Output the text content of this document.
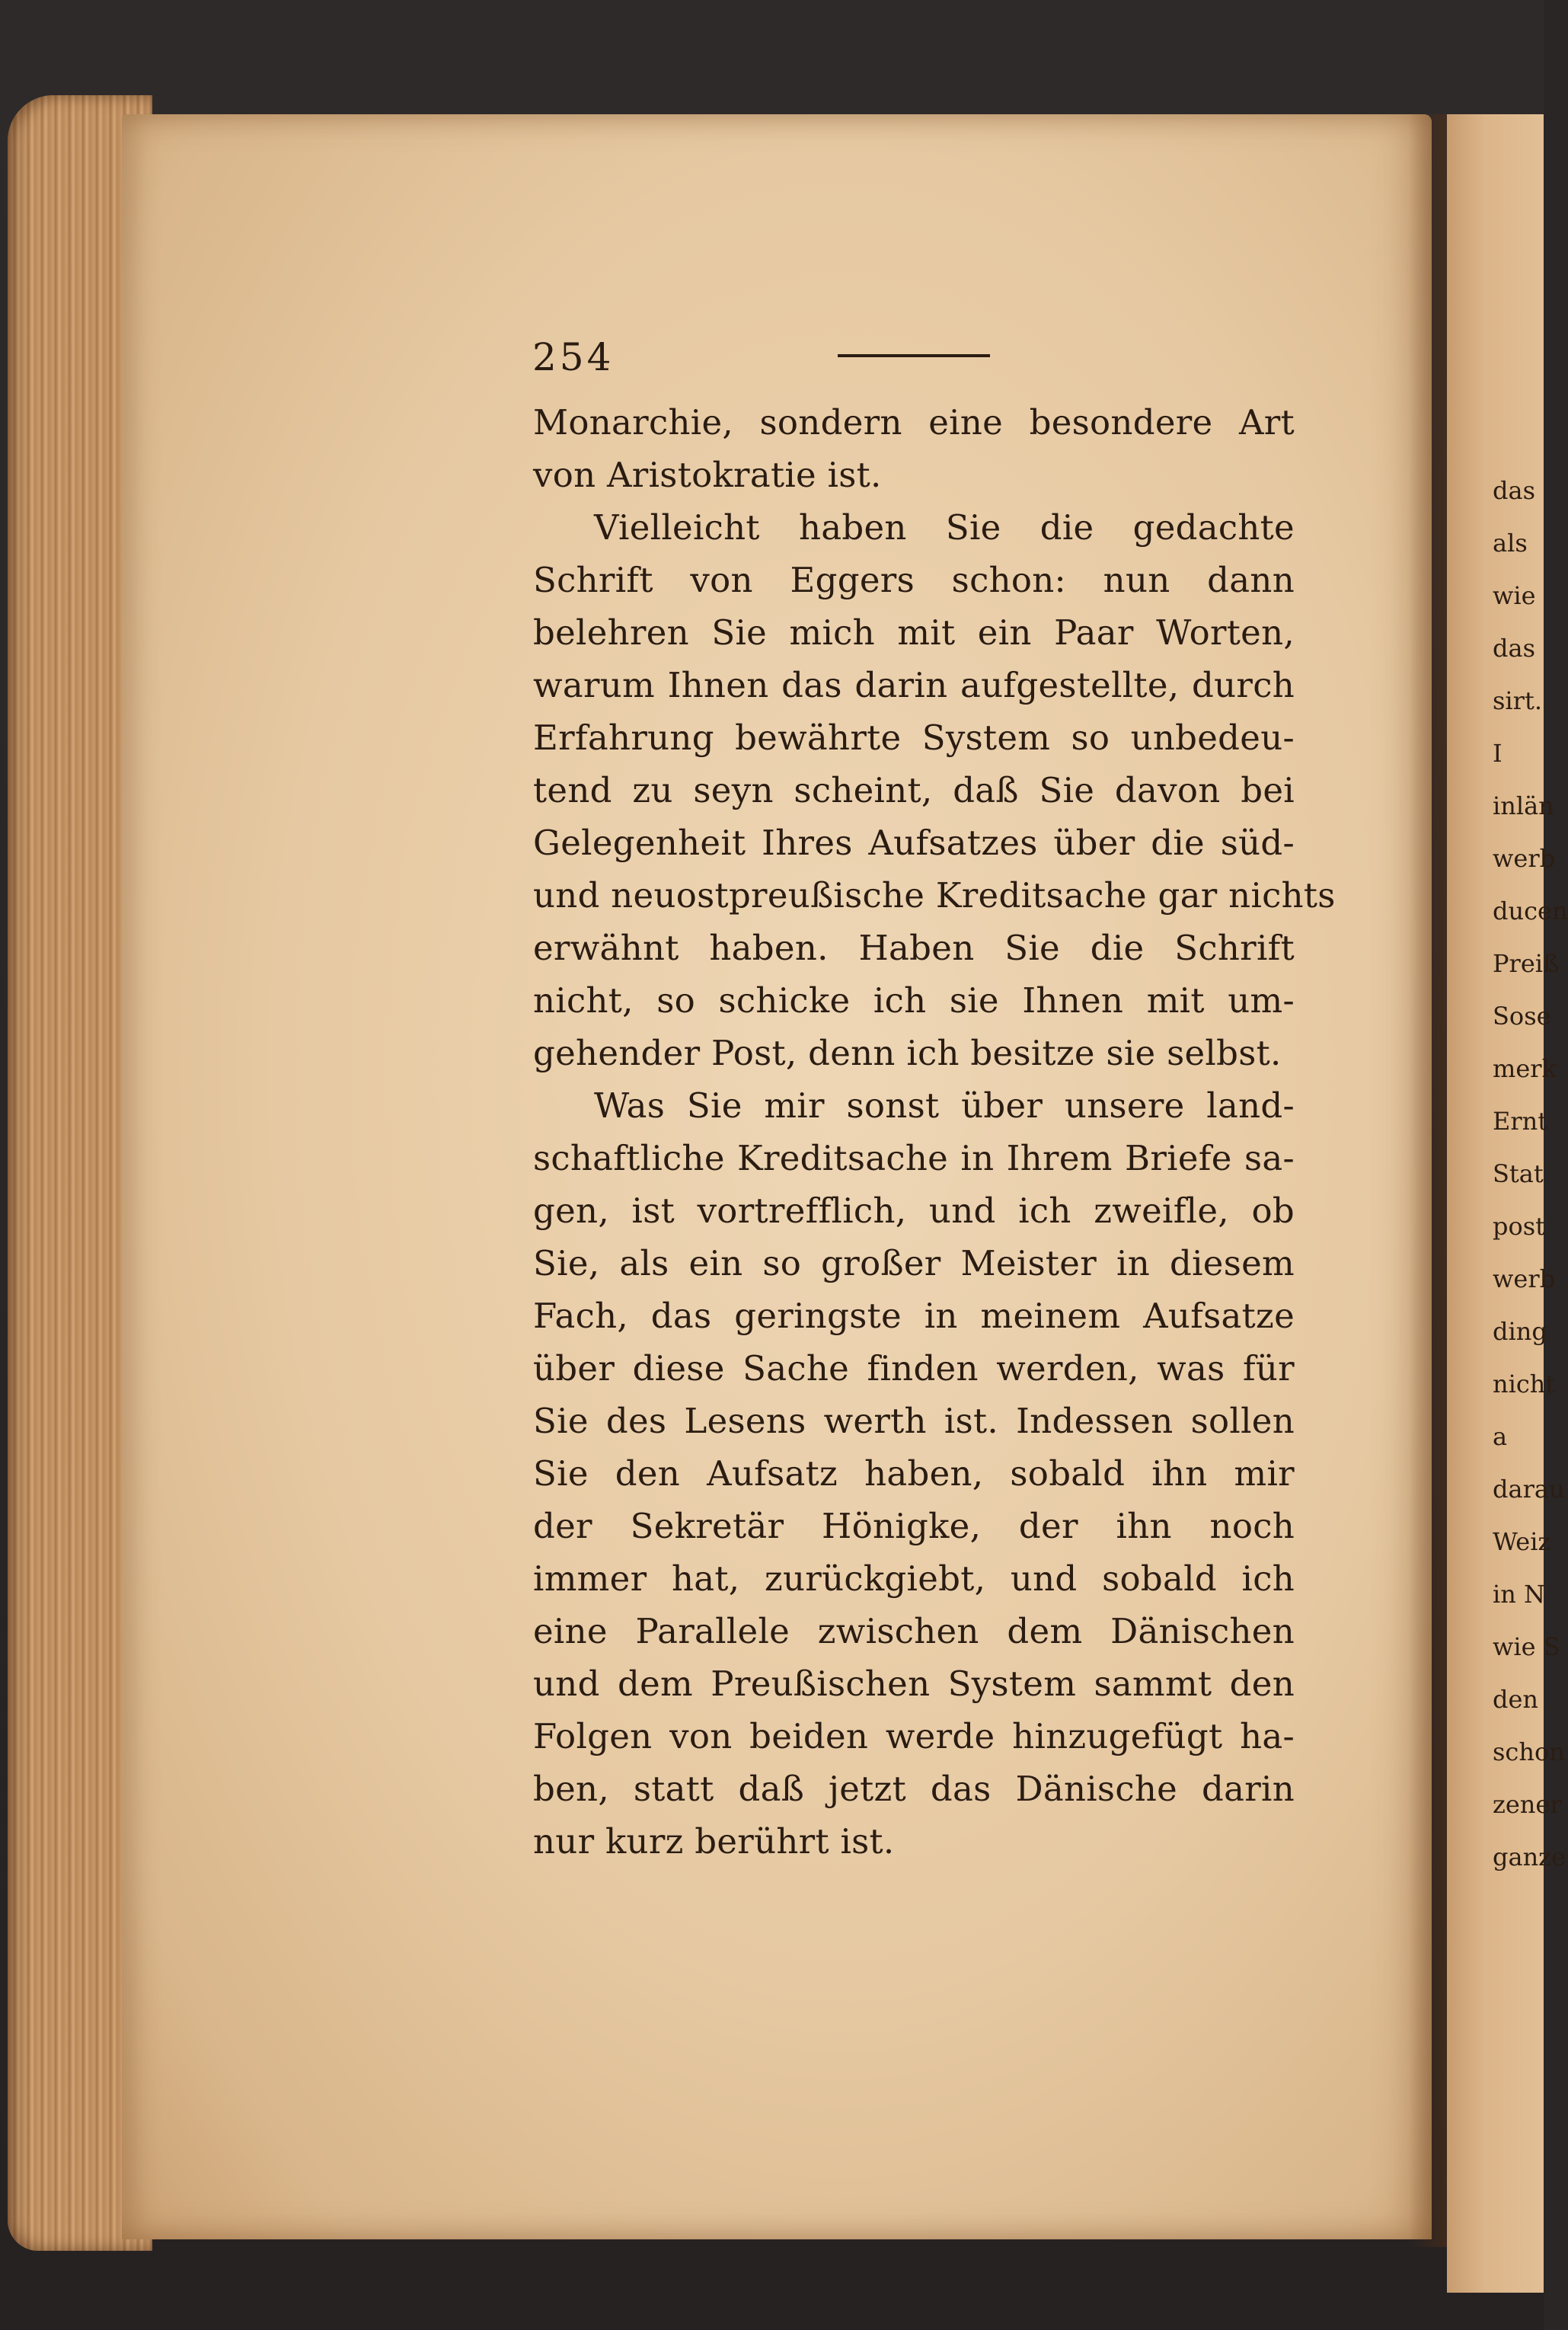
das
als
wie
das
sirt.
I
inlän
werb
ducen
Preiß
Sose
merk
Ernt
Stat
post
werb
ding
nicht
a
darau
Weiz
in N
wie S
den
schon
zener
ganze
254
Monarchie, sondern eine besondere Art
von Aristokratie ist.
Vielleicht haben Sie die gedachte
Schrift von Eggers schon: nun dann
belehren Sie mich mit ein Paar Worten,
warum Ihnen das darin aufgestellte, durch
Erfahrung bewährte System so unbedeu-
tend zu seyn scheint, daß Sie davon bei
Gelegenheit Ihres Aufsatzes über die süd-
und neuostpreußische Kreditsache gar nichts
erwähnt haben. Haben Sie die Schrift
nicht, so schicke ich sie Ihnen mit um-
gehender Post, denn ich besitze sie selbst.
Was Sie mir sonst über unsere land-
schaftliche Kreditsache in Ihrem Briefe sa-
gen, ist vortrefflich, und ich zweifle, ob
Sie, als ein so großer Meister in diesem
Fach, das geringste in meinem Aufsatze
über diese Sache finden werden, was für
Sie des Lesens werth ist. Indessen sollen
Sie den Aufsatz haben, sobald ihn mir
der Sekretär Hönigke, der ihn noch
immer hat, zurückgiebt, und sobald ich
eine Parallele zwischen dem Dänischen
und dem Preußischen System sammt den
Folgen von beiden werde hinzugefügt ha-
ben, statt daß jetzt das Dänische darin
nur kurz berührt ist.
